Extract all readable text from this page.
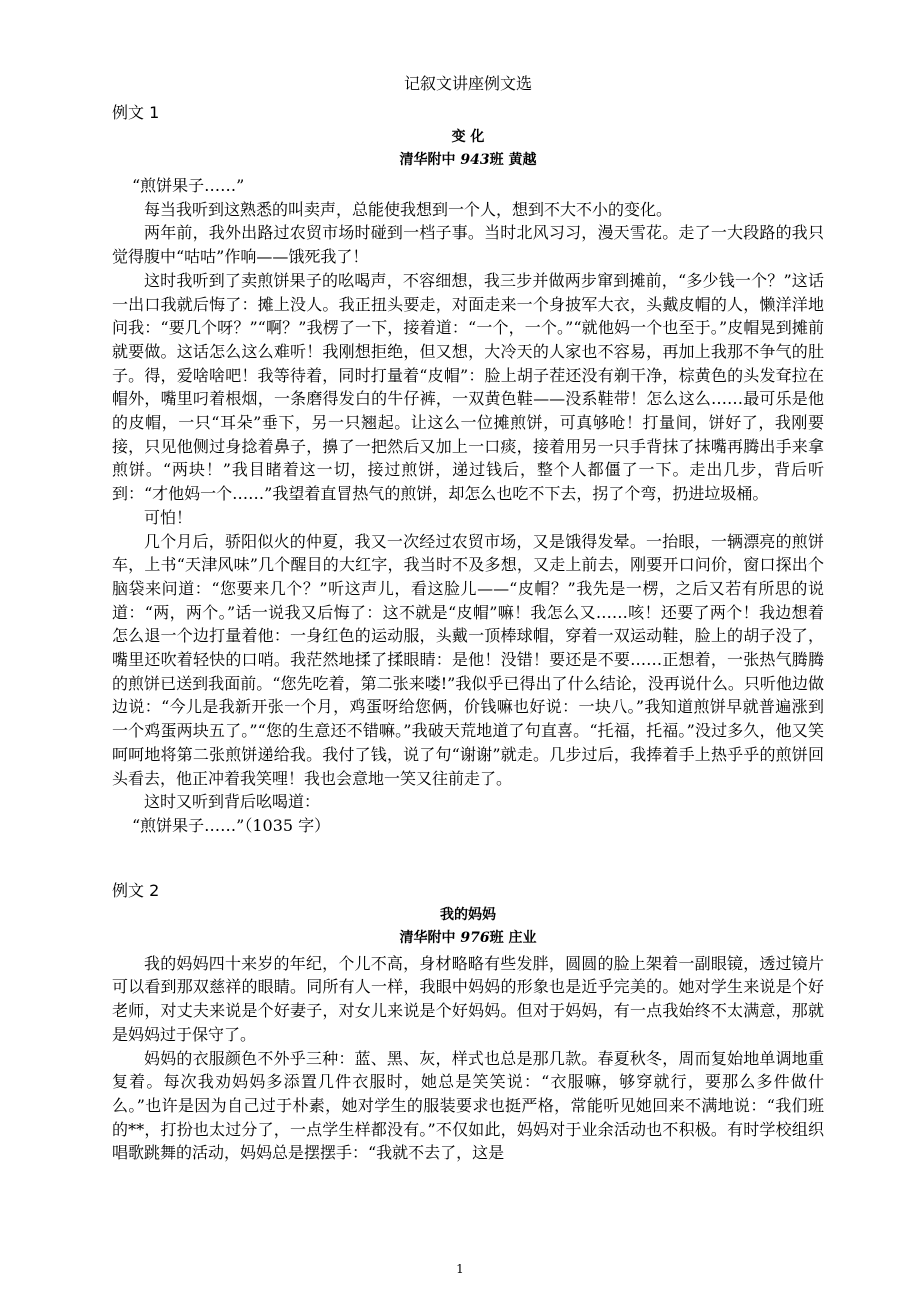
记叙文讲座例文选
例文 1
变 化
清华附中 943班 黄越

“煎饼果子……”

每当我听到这熟悉的叫卖声，总能使我想到一个人，想到不大不小的变化。

两年前，我外出路过农贸市场时碰到一档子事。当时北风习习，漫天雪花。走了一大段路的我只觉得腹中“咕咕”作响——饿死我了！

这时我听到了卖煎饼果子的吆喝声，不容细想，我三步并做两步窜到摊前，“多少钱一个？”这话一出口我就后悔了：摊上没人。我正扭头要走，对面走来一个身披军大衣，头戴皮帽的人，懒洋洋地问我：“要几个呀？”“啊？”我楞了一下，接着道：“一个，一个。”“就他妈一个也至于。”皮帽晃到摊前就要做。这话怎么这么难听！我刚想拒绝，但又想，大冷天的人家也不容易，再加上我那不争气的肚子。得，爱啥啥吧！我等待着，同时打量着“皮帽”：脸上胡子茬还没有剃干净，棕黄色的头发耷拉在帽外，嘴里叼着根烟，一条磨得发白的牛仔裤，一双黄色鞋——没系鞋带！怎么这么……最可乐是他的皮帽，一只“耳朵”垂下，另一只翘起。让这么一位摊煎饼，可真够呛！打量间，饼好了，我刚要接，只见他侧过身捻着鼻子，擤了一把然后又加上一口痰，接着用另一只手背抹了抹嘴再腾出手来拿煎饼。“两块！”我目睹着这一切，接过煎饼，递过钱后，整个人都僵了一下。走出几步，背后听到：“才他妈一个……”我望着直冒热气的煎饼，却怎么也吃不下去，拐了个弯，扔进垃圾桶。

可怕！

几个月后，骄阳似火的仲夏，我又一次经过农贸市场，又是饿得发晕。一抬眼，一辆漂亮的煎饼车，上书“天津风味”几个醒目的大红字，我当时不及多想，又走上前去，刚要开口问价，窗口探出个脑袋来问道：“您要来几个？”听这声儿，看这脸儿——“皮帽？”我先是一楞，之后又若有所思的说道：“两，两个。”话一说我又后悔了：这不就是“皮帽”嘛！我怎么又……咳！还要了两个！我边想着怎么退一个边打量着他：一身红色的运动服，头戴一顶棒球帽，穿着一双运动鞋，脸上的胡子没了，嘴里还吹着轻快的口哨。我茫然地揉了揉眼睛：是他！没错！要还是不要……正想着，一张热气腾腾的煎饼已送到我面前。“您先吃着，第二张来喽!”我似乎已得出了什么结论，没再说什么。只听他边做边说：“今儿是我新开张一个月，鸡蛋呀给您俩，价钱嘛也好说：一块八。”我知道煎饼早就普遍涨到一个鸡蛋两块五了。”“您的生意还不错嘛。”我破天荒地道了句直喜。“托福，托福。”没过多久，他又笑呵呵地将第二张煎饼递给我。我付了钱，说了句“谢谢”就走。几步过后，我捧着手上热乎乎的煎饼回头看去，他正冲着我笑哩！我也会意地一笑又往前走了。

这时又听到背后吆喝道：

“煎饼果子……”（1035 字）

例文 2
我的妈妈
清华附中 976班 庄业

我的妈妈四十来岁的年纪，个儿不高，身材略略有些发胖，圆圆的脸上架着一副眼镜，透过镜片可以看到那双慈祥的眼睛。同所有人一样，我眼中妈妈的形象也是近乎完美的。她对学生来说是个好老师，对丈夫来说是个好妻子，对女儿来说是个好妈妈。但对于妈妈，有一点我始终不太满意，那就是妈妈过于保守了。

妈妈的衣服颜色不外乎三种：蓝、黑、灰，样式也总是那几款。春夏秋冬，周而复始地单调地重复着。每次我劝妈妈多添置几件衣服时，她总是笑笑说：“衣服嘛，够穿就行，要那么多件做什么。”也许是因为自己过于朴素，她对学生的服装要求也挺严格，常能听见她回来不满地说：“我们班的**，打扮也太过分了，一点学生样都没有。”不仅如此，妈妈对于业余活动也不积极。有时学校组织唱歌跳舞的活动，妈妈总是摆摆手：“我就不去了，这是

1
